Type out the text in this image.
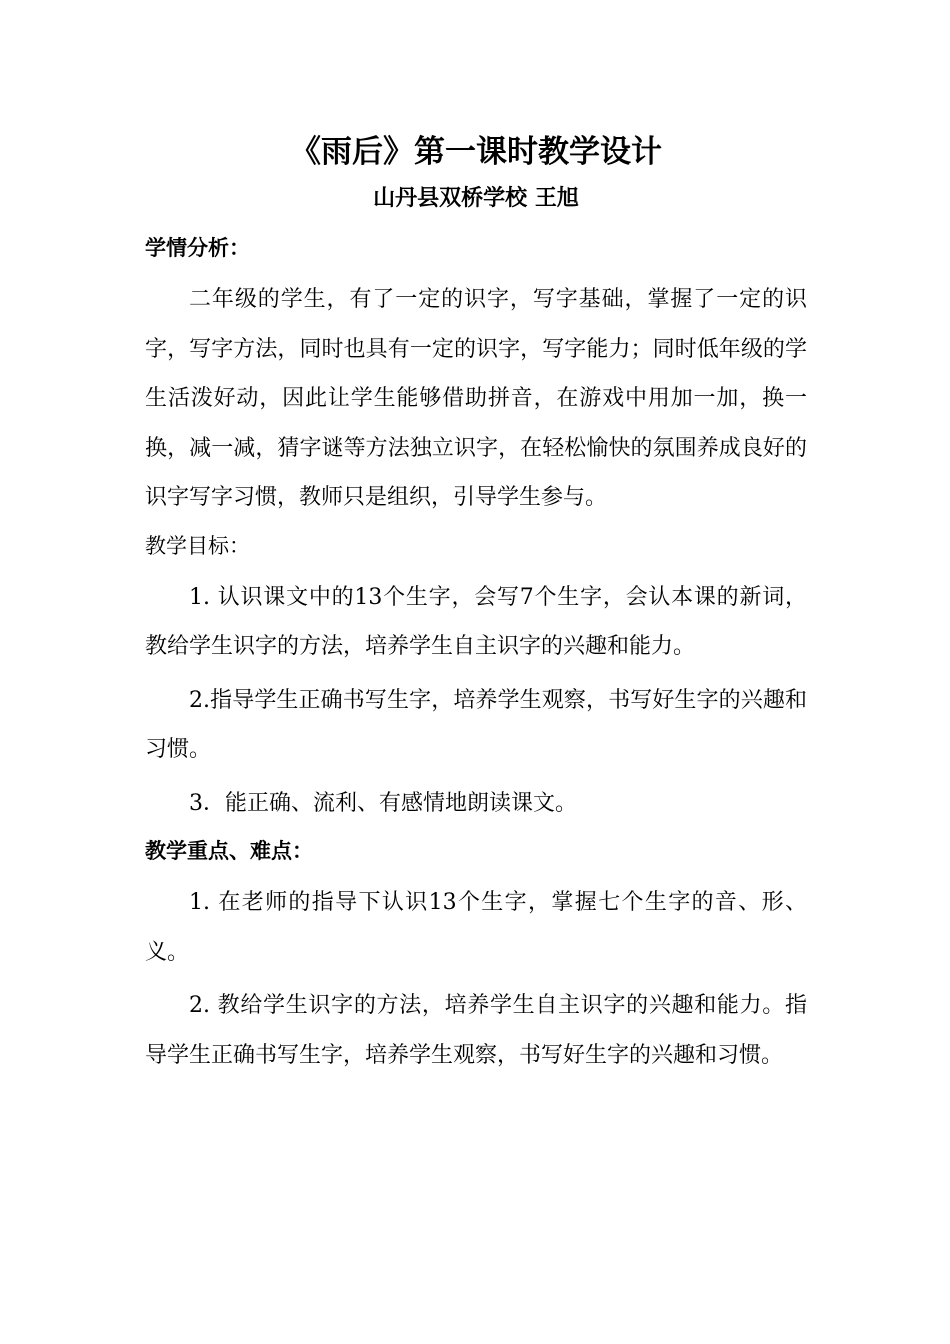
《雨后》第一课时教学设计
山丹县双桥学校 王旭
学情分析：

二年级的学生，有了一定的识字，写字基础，掌握了一定的识字，写字方法，同时也具有一定的识字，写字能力；同时低年级的学生活泼好动，因此让学生能够借助拼音，在游戏中用加一加，换一换，减一减，猜字谜等方法独立识字，在轻松愉快的氛围养成良好的识字写字习惯，教师只是组织，引导学生参与。

教学目标：

1. 认识课文中的13个生字，会写7个生字，会认本课的新词，教给学生识字的方法，培养学生自主识字的兴趣和能力。

2.指导学生正确书写生字，培养学生观察，书写好生字的兴趣和习惯。

3．能正确、流利、有感情地朗读课文。

教学重点、难点：

1. 在老师的指导下认识13个生字，掌握七个生字的音、形、义。

2. 教给学生识字的方法，培养学生自主识字的兴趣和能力。指导学生正确书写生字，培养学生观察，书写好生字的兴趣和习惯。
